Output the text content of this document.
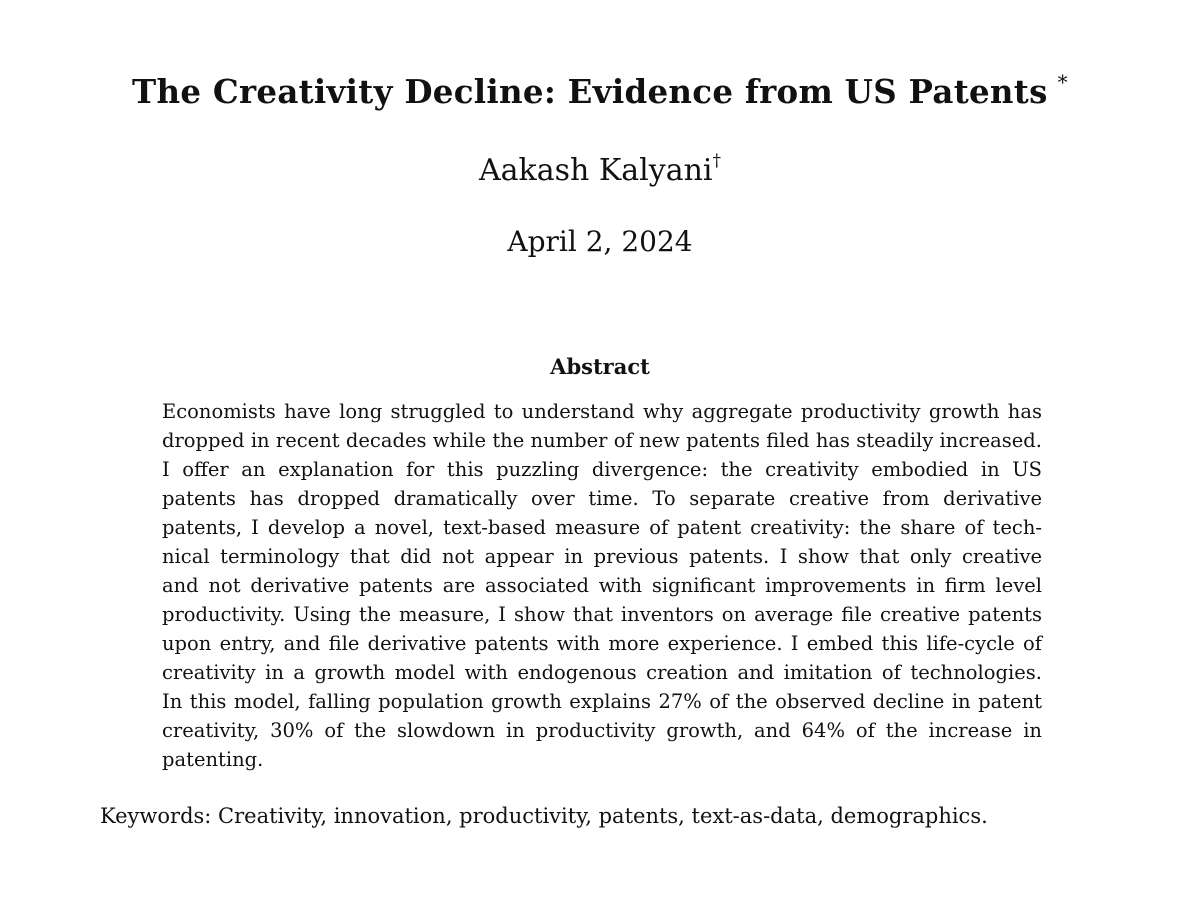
The Creativity Decline: Evidence from US Patents *
Aakash Kalyani†
April 2, 2024
Abstract
Economists have long struggled to understand why aggregate productivity growth has
dropped in recent decades while the number of new patents filed has steadily increased.
I offer an explanation for this puzzling divergence: the creativity embodied in US
patents has dropped dramatically over time. To separate creative from derivative
patents, I develop a novel, text-based measure of patent creativity: the share of tech-
nical terminology that did not appear in previous patents. I show that only creative
and not derivative patents are associated with significant improvements in firm level
productivity. Using the measure, I show that inventors on average file creative patents
upon entry, and file derivative patents with more experience. I embed this life-cycle of
creativity in a growth model with endogenous creation and imitation of technologies.
In this model, falling population growth explains 27% of the observed decline in patent
creativity, 30% of the slowdown in productivity growth, and 64% of the increase in
patenting.
Keywords: Creativity, innovation, productivity, patents, text-as-data, demographics.
